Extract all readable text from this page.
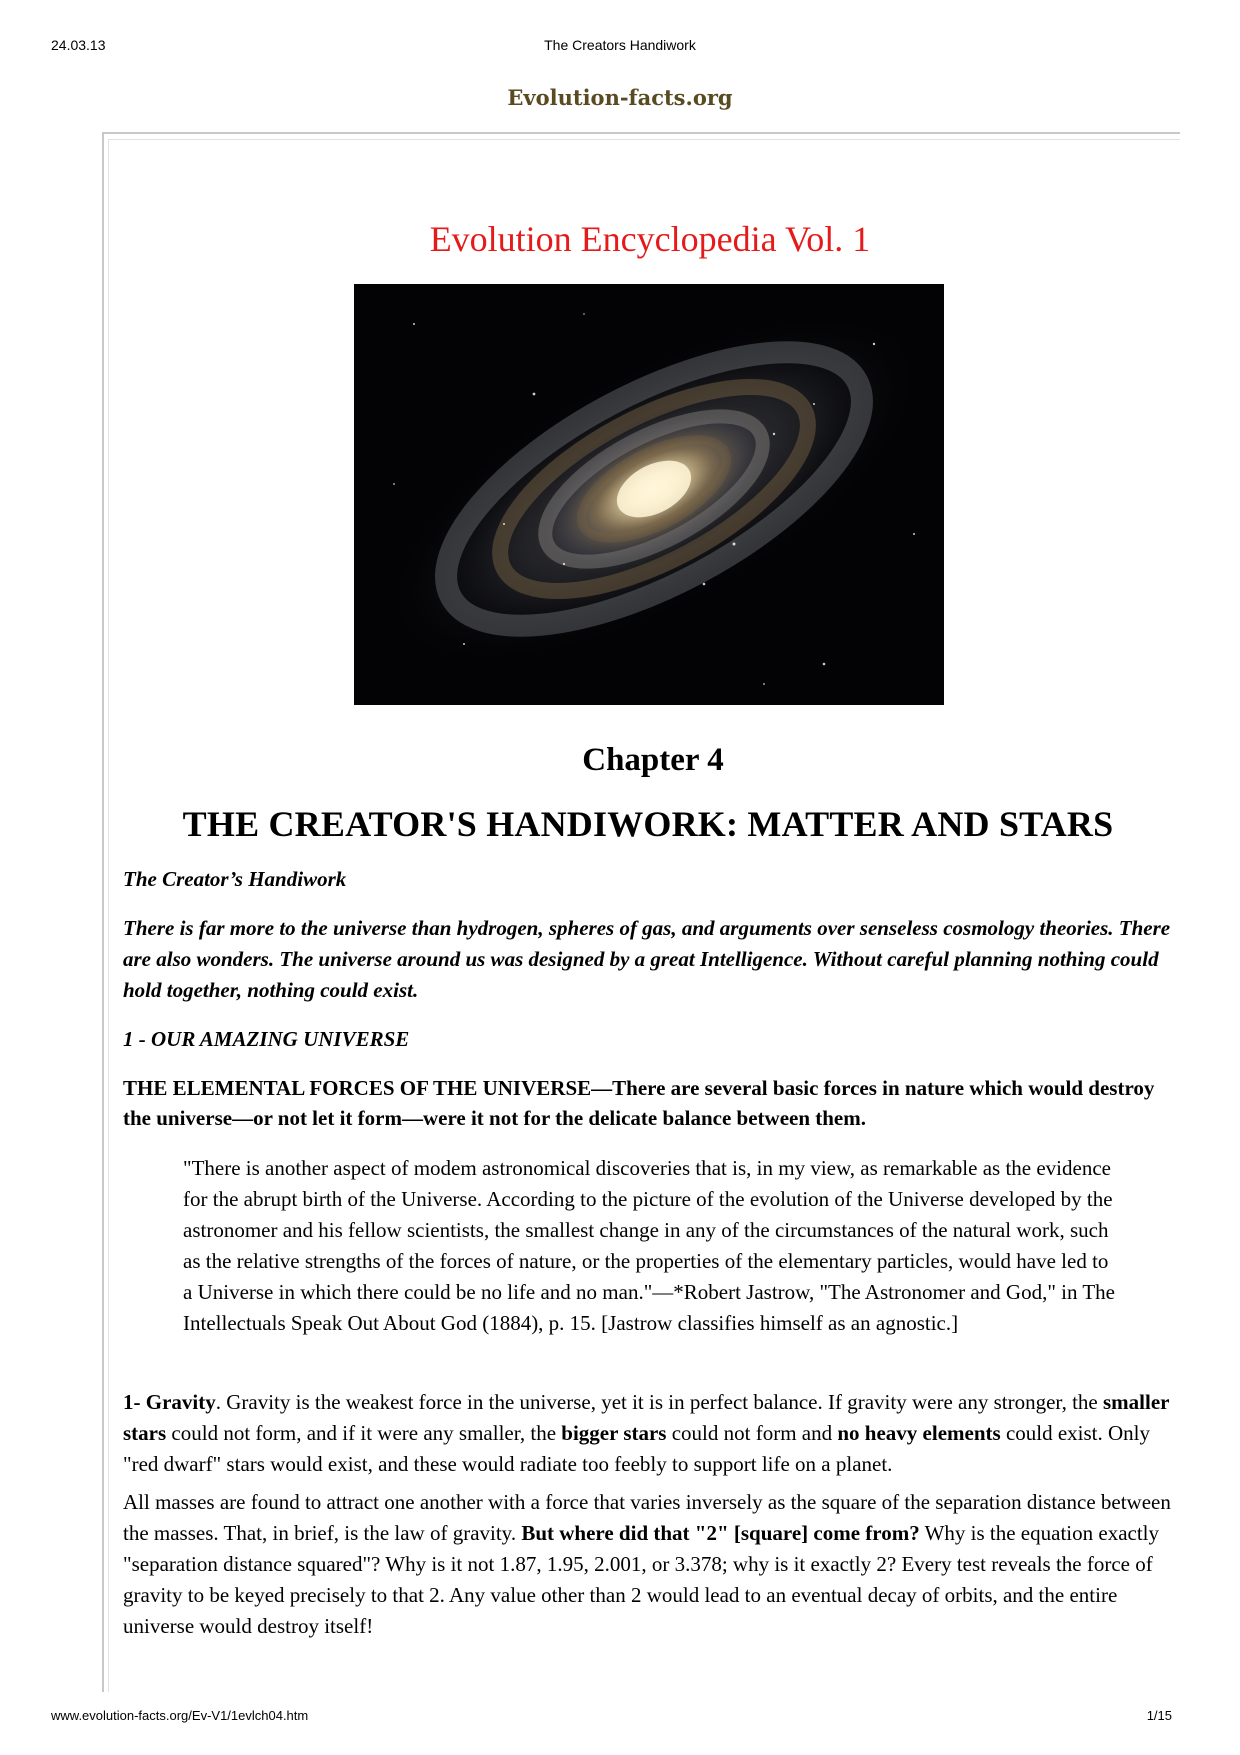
24.03.13	The Creators Handiwork
Evolution-facts.org
Evolution Encyclopedia Vol. 1
Chapter 4
THE CREATOR'S HANDIWORK: MATTER AND STARS

The Creator’s Handiwork

There is far more to the universe than hydrogen, spheres of gas, and arguments over senseless cosmology theories. There are also wonders. The universe around us was designed by a great Intelligence. Without careful planning nothing could hold together, nothing could exist.

1 - OUR AMAZING UNIVERSE

THE ELEMENTAL FORCES OF THE UNIVERSE—There are several basic forces in nature which would destroy the universe—or not let it form—were it not for the delicate balance between them.

"There is another aspect of modem astronomical discoveries that is, in my view, as remarkable as the evidence for the abrupt birth of the Universe. According to the picture of the evolution of the Universe developed by the astronomer and his fellow scientists, the smallest change in any of the circumstances of the natural work, such as the relative strengths of the forces of nature, or the properties of the elementary particles, would have led to a Universe in which there could be no life and no man."—*Robert Jastrow, "The Astronomer and God," in The Intellectuals Speak Out About God (1884), p. 15. [Jastrow classifies himself as an agnostic.]

1- Gravity. Gravity is the weakest force in the universe, yet it is in perfect balance. If gravity were any stronger, the smaller stars could not form, and if it were any smaller, the bigger stars could not form and no heavy elements could exist. Only "red dwarf" stars would exist, and these would radiate too feebly to support life on a planet.

All masses are found to attract one another with a force that varies inversely as the square of the separation distance between the masses. That, in brief, is the law of gravity. But where did that "2" [square] come from? Why is the equation exactly "separation distance squared"? Why is it not 1.87, 1.95, 2.001, or 3.378; why is it exactly 2? Every test reveals the force of gravity to be keyed precisely to that 2. Any value other than 2 would lead to an eventual decay of orbits, and the entire universe would destroy itself!

www.evolution-facts.org/Ev-V1/1evlch04.htm	1/15
